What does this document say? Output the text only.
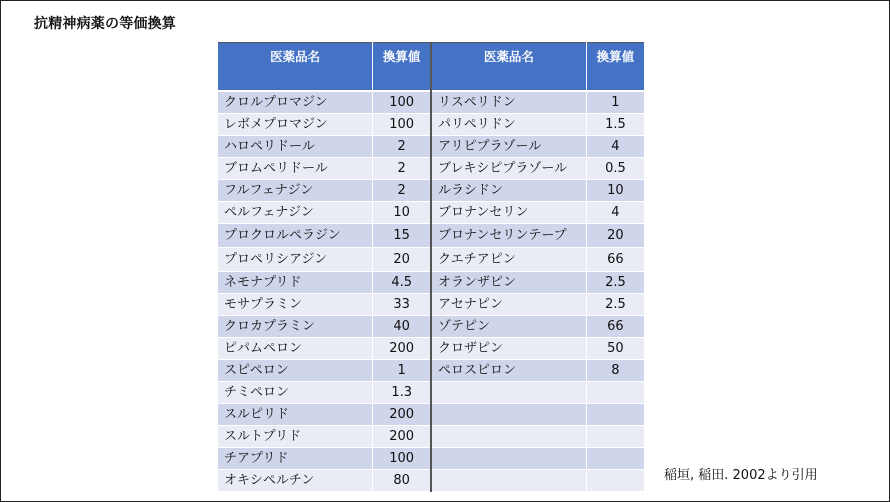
抗精神病薬の等価換算
医薬品名	換算値	医薬品名	換算値
クロルプロマジン	100	リスペリドン	1
レボメプロマジン	100	パリペリドン	1.5
ハロペリドール	2	アリピプラゾール	4
ブロムペリドール	2	ブレキシピプラゾール	0.5
フルフェナジン	2	ルラシドン	10
ペルフェナジン	10	ブロナンセリン	4
プロクロルペラジン	15	ブロナンセリンテープ	20
プロペリシアジン	20	クエチアピン	66
ネモナプリド	4.5	オランザピン	2.5
モサプラミン	33	アセナピン	2.5
クロカプラミン	40	ゾテピン	66
ピパムペロン	200	クロザピン	50
スピペロン	1	ペロスピロン	8
チミペロン	1.3		
スルピリド	200		
スルトプリド	200		
チアプリド	100		
オキシペルチン	80			稲垣, 稲田. 2002より引用
